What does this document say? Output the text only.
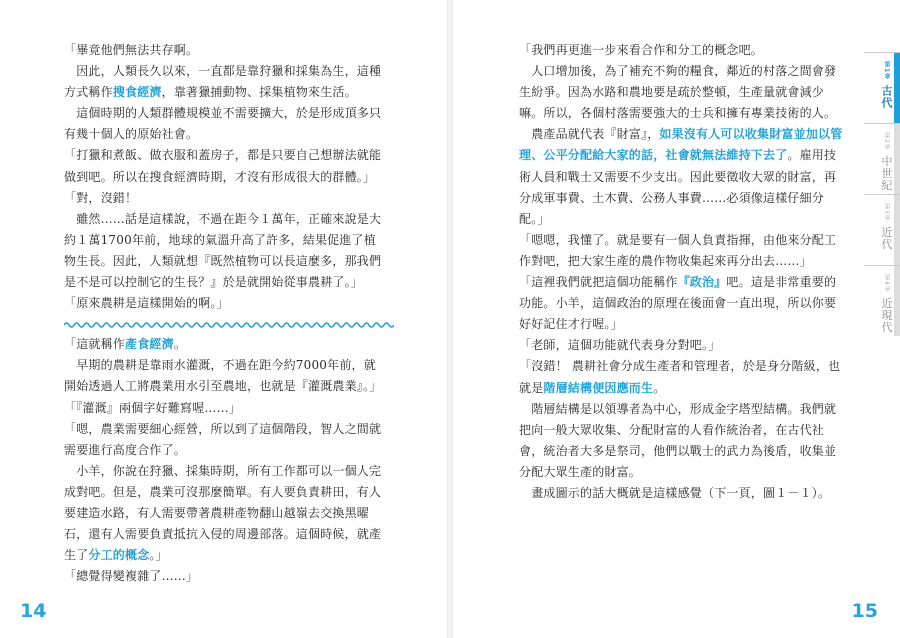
「畢竟他們無法共存啊。

　因此，人類長久以來，一直都是靠狩獵和採集為生，這種方式稱作搜食經濟，靠著獵捕動物、採集植物來生活。

　這個時期的人類群體規模並不需要擴大，於是形成頂多只有幾十個人的原始社會。

「打獵和煮飯、做衣服和蓋房子，都是只要自己想辦法就能做到吧。所以在搜食經濟時期，才沒有形成很大的群體。」

「對，沒錯！

　雖然……話是這樣說，不過在距今１萬年，正確來說是大約１萬1700年前，地球的氣溫升高了許多，結果促進了植物生長。因此，人類就想『既然植物可以長這麼多，那我們是不是可以控制它的生長？』於是就開始從事農耕了。」

「原來農耕是這樣開始的啊。」

「這就稱作產食經濟。

　早期的農耕是靠雨水灌溉，不過在距今約7000年前，就開始透過人工將農業用水引至農地，也就是『灌溉農業』。」

「『灌溉』兩個字好難寫喔……」

「嗯，農業需要細心經營，所以到了這個階段，智人之間就需要進行高度合作了。

　小羊，你說在狩獵、採集時期，所有工作都可以一個人完成對吧。但是，農業可沒那麼簡單。有人要負責耕田，有人要建造水路，有人需要帶著農耕產物翻山越嶺去交換黑曜石，還有人需要負責抵抗入侵的周邊部落。這個時候，就產生了分工的概念。」

「總覺得變複雜了……」

「我們再更進一步來看合作和分工的概念吧。

　人口增加後，為了補充不夠的糧食，鄰近的村落之間會發生紛爭。因為水路和農地要是疏於整頓，生產量就會減少嘛。所以，各個村落需要強大的士兵和擁有專業技術的人。

　農產品就代表『財富』，如果沒有人可以收集財富並加以管理、公平分配給大家的話，社會就無法維持下去了。雇用技術人員和戰士又需要不少支出。因此要徵收大眾的財富，再分成軍事費、土木費、公務人事費……必須像這樣仔細分配。」

「嗯嗯，我懂了。就是要有一個人負責指揮，由他來分配工作對吧，把大家生產的農作物收集起來再分出去……」

「這裡我們就把這個功能稱作『政治』吧。這是非常重要的功能。小羊，這個政治的原理在後面會一直出現，所以你要好好記住才行喔。」

「老師，這個功能就代表身分對吧。」

「沒錯！ 農耕社會分成生產者和管理者，於是身分階級，也就是階層結構便因應而生。

　階層結構是以領導者為中心，形成金字塔型結構。我們就把向一般大眾收集、分配財富的人看作統治者，在古代社會，統治者大多是祭司，他們以戰士的武力為後盾，收集並分配大眾生產的財富。

　畫成圖示的話大概就是這樣感覺（下一頁，圖１－１）。

14	15
第1章 古代
第2章 中世紀
第3章 近代
第4章 近現代
